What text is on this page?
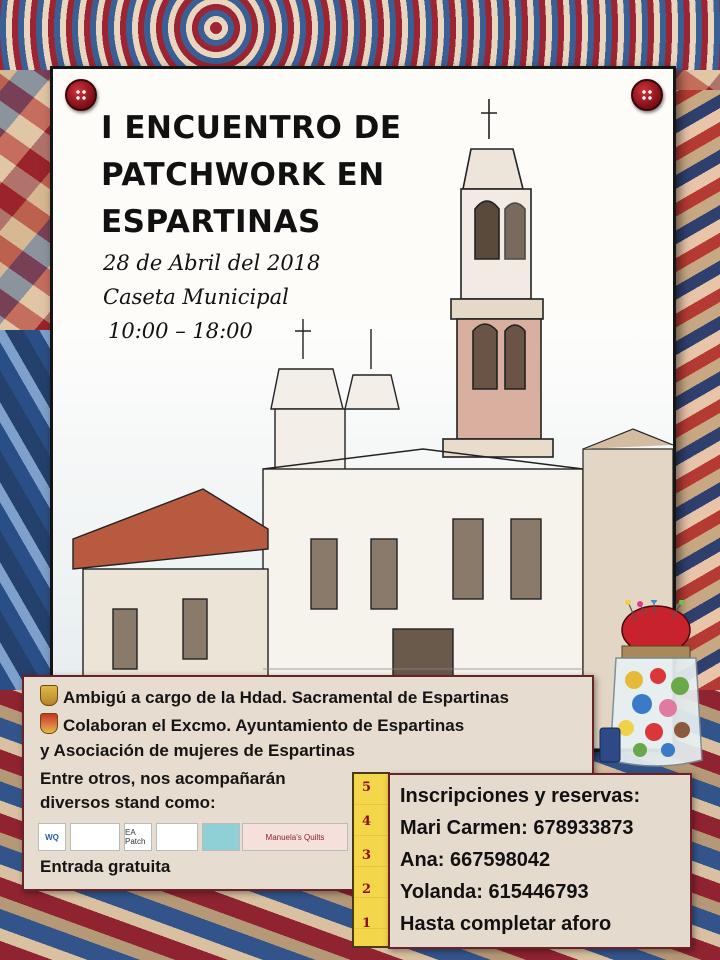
I ENCUENTRO DE
PATCHWORK EN
ESPARTINAS
28 de Abril del 2018
Caseta Municipal
10:00 – 18:00
Ambigú a cargo de la Hdad. Sacramental de Espartinas
Colaboran el Excmo. Ayuntamiento de Espartinas
y Asociación de mujeres de Espartinas
Entre otros, nos acompañarán
diversos stand como:
WQ	EA Patch	Manuela's Quilts
Entrada gratuita
5
4
3
2
1
Inscripciones y reservas:
Mari Carmen: 678933873
Ana: 667598042
Yolanda: 615446793
Hasta completar aforo
